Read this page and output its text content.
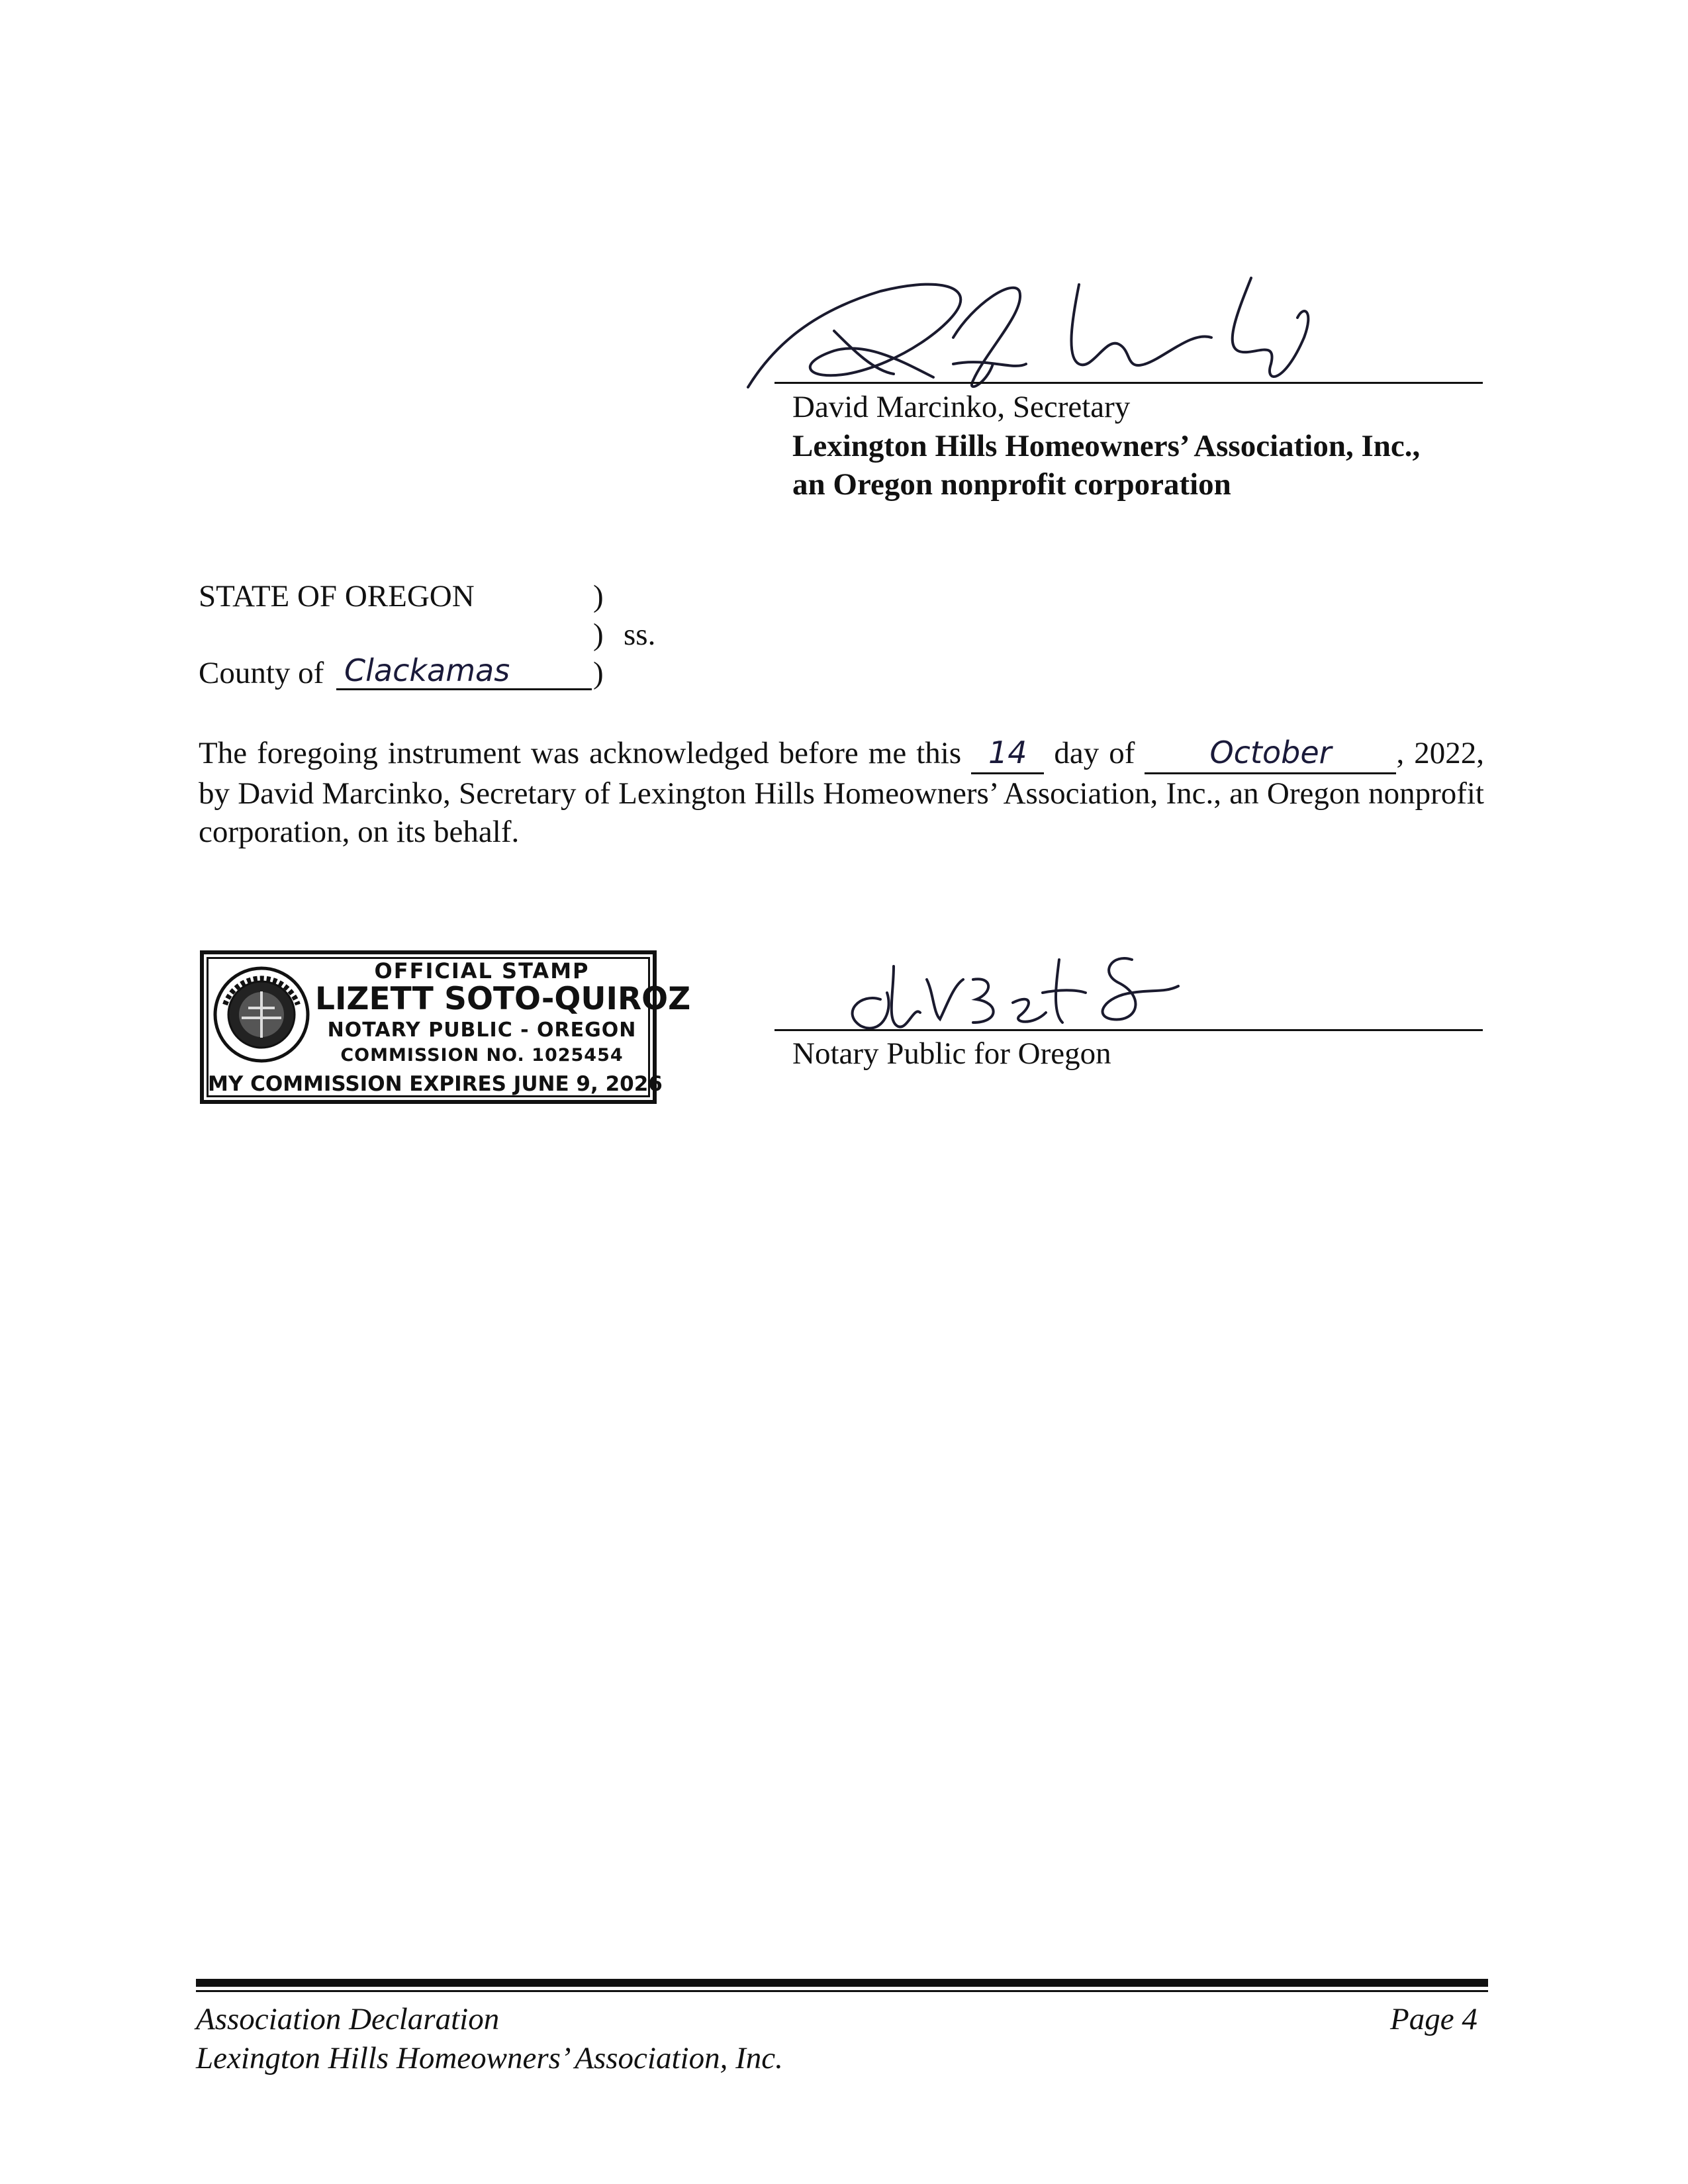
David Marcinko, Secretary
Lexington Hills Homeowners’ Association, Inc.,
an Oregon nonprofit corporation
STATE OF OREGON	)
) ss.
County of Clackamas	)
The foregoing instrument was acknowledged before me this 14 day of October , 2022, by David Marcinko, Secretary of Lexington Hills Homeowners’ Association, Inc., an Oregon nonprofit corporation, on its behalf.
OFFICIAL STAMP
LIZETT SOTO-QUIROZ
NOTARY PUBLIC - OREGON
COMMISSION NO. 1025454
MY COMMISSION EXPIRES JUNE 9, 2026
Notary Public for Oregon
Association Declaration
Lexington Hills Homeowners’ Association, Inc.
Page 4
